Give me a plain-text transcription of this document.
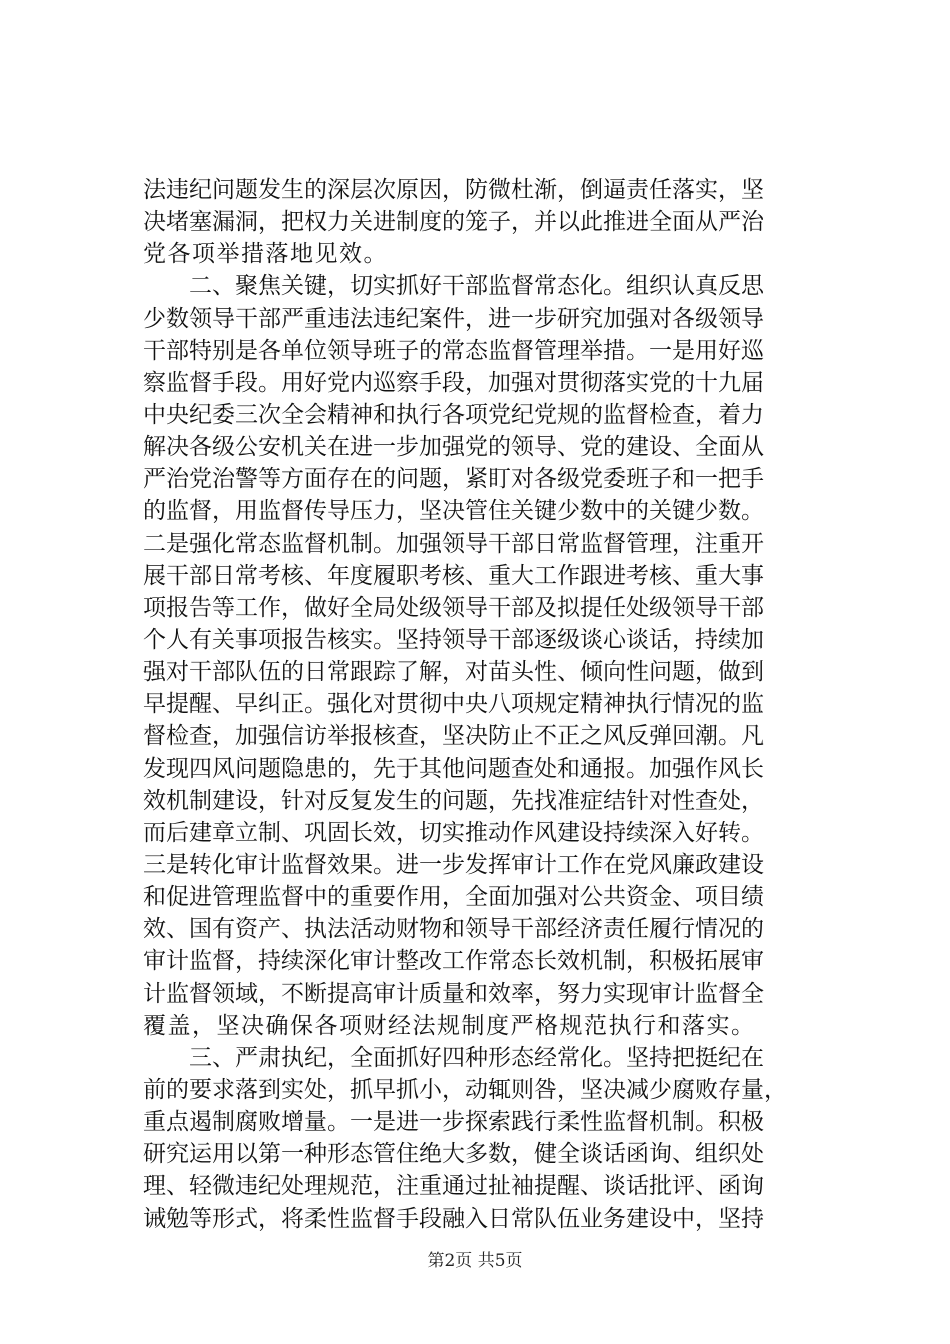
法违纪问题发生的深层次原因，防微杜渐，倒逼责任落实，坚
决堵塞漏洞，把权力关进制度的笼子，并以此推进全面从严治
党各项举措落地见效。
　　二、聚焦关键，切实抓好干部监督常态化。组织认真反思
少数领导干部严重违法违纪案件，进一步研究加强对各级领导
干部特别是各单位领导班子的常态监督管理举措。一是用好巡
察监督手段。用好党内巡察手段，加强对贯彻落实党的十九届
中央纪委三次全会精神和执行各项党纪党规的监督检查，着力
解决各级公安机关在进一步加强党的领导、党的建设、全面从
严治党治警等方面存在的问题，紧盯对各级党委班子和一把手
的监督，用监督传导压力，坚决管住关键少数中的关键少数。
二是强化常态监督机制。加强领导干部日常监督管理，注重开
展干部日常考核、年度履职考核、重大工作跟进考核、重大事
项报告等工作，做好全局处级领导干部及拟提任处级领导干部
个人有关事项报告核实。坚持领导干部逐级谈心谈话，持续加
强对干部队伍的日常跟踪了解，对苗头性、倾向性问题，做到
早提醒、早纠正。强化对贯彻中央八项规定精神执行情况的监
督检查，加强信访举报核查，坚决防止不正之风反弹回潮。凡
发现四风问题隐患的，先于其他问题查处和通报。加强作风长
效机制建设，针对反复发生的问题，先找准症结针对性查处，
而后建章立制、巩固长效，切实推动作风建设持续深入好转。
三是转化审计监督效果。进一步发挥审计工作在党风廉政建设
和促进管理监督中的重要作用，全面加强对公共资金、项目绩
效、国有资产、执法活动财物和领导干部经济责任履行情况的
审计监督，持续深化审计整改工作常态长效机制，积极拓展审
计监督领域，不断提高审计质量和效率，努力实现审计监督全
覆盖，坚决确保各项财经法规制度严格规范执行和落实。
　　三、严肃执纪，全面抓好四种形态经常化。坚持把挺纪在
前的要求落到实处，抓早抓小，动辄则咎，坚决减少腐败存量，
重点遏制腐败增量。一是进一步探索践行柔性监督机制。积极
研究运用以第一种形态管住绝大多数，健全谈话函询、组织处
理、轻微违纪处理规范，注重通过扯袖提醒、谈话批评、函询
诫勉等形式，将柔性监督手段融入日常队伍业务建设中，坚持
第2页 共5页
